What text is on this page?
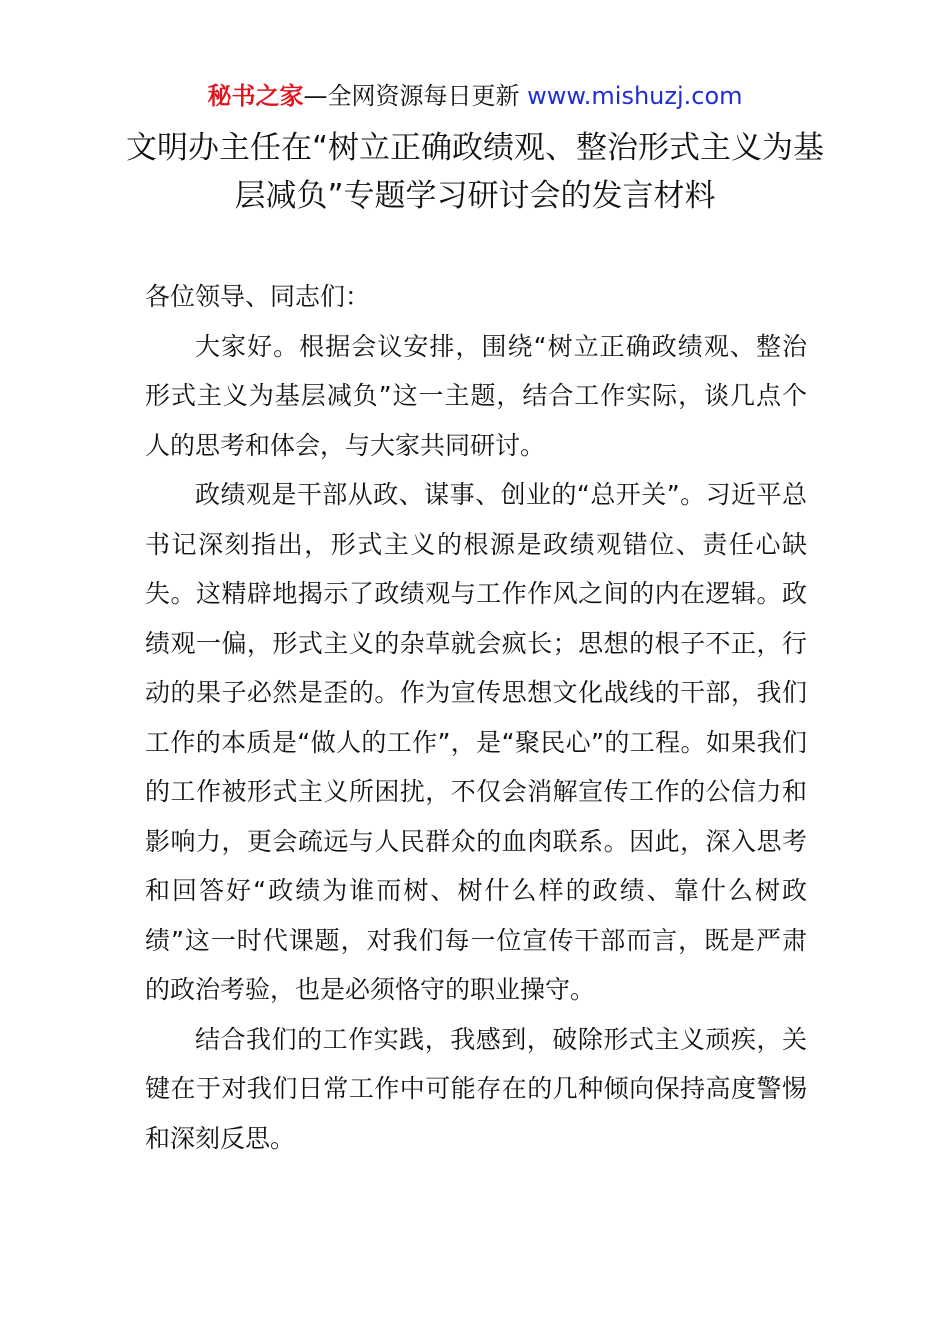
秘书之家—全网资源每日更新 www.mishuzj.com
文明办主任在“树立正确政绩观、整治形式主义为基层减负”专题学习研讨会的发言材料

各位领导、同志们：

大家好。根据会议安排，围绕“树立正确政绩观、整治形式主义为基层减负”这一主题，结合工作实际，谈几点个人的思考和体会，与大家共同研讨。

政绩观是干部从政、谋事、创业的“总开关”。习近平总书记深刻指出，形式主义的根源是政绩观错位、责任心缺失。这精辟地揭示了政绩观与工作作风之间的内在逻辑。政绩观一偏，形式主义的杂草就会疯长；思想的根子不正，行动的果子必然是歪的。作为宣传思想文化战线的干部，我们工作的本质是“做人的工作”，是“聚民心”的工程。如果我们的工作被形式主义所困扰，不仅会消解宣传工作的公信力和影响力，更会疏远与人民群众的血肉联系。因此，深入思考和回答好“政绩为谁而树、树什么样的政绩、靠什么树政绩”这一时代课题，对我们每一位宣传干部而言，既是严肃的政治考验，也是必须恪守的职业操守。

结合我们的工作实践，我感到，破除形式主义顽疾，关键在于对我们日常工作中可能存在的几种倾向保持高度警惕和深刻反思。
